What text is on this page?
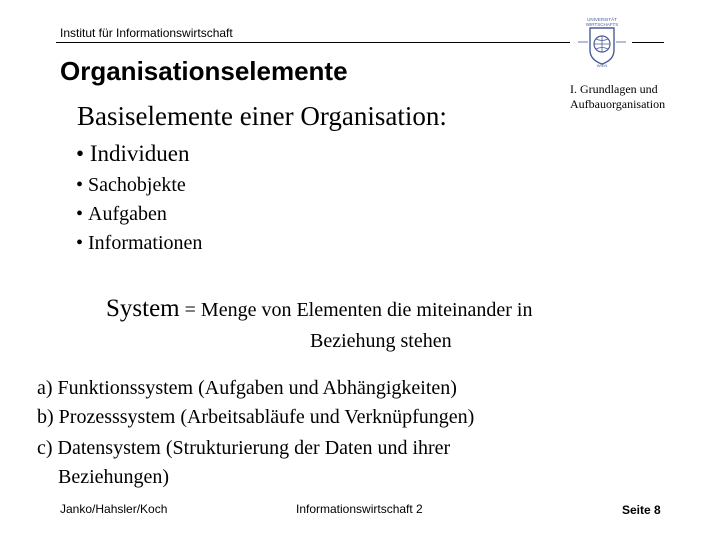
Institut für Informationswirtschaft
UNIVERSITÄT
WIRTSCHAFTS
WIEN
Organisationselemente
I. Grundlagen und
Aufbauorganisation
Basiselemente einer Organisation:
• Individuen
• Sachobjekte
• Aufgaben
• Informationen
System = Menge von Elementen die miteinander in
Beziehung stehen
a) Funktionssystem (Aufgaben und Abhängigkeiten)
b) Prozesssystem (Arbeitsabläufe und Verknüpfungen)
c) Datensystem (Strukturierung der Daten und ihrer
Beziehungen)
Janko/Hahsler/Koch	Informationswirtschaft 2	Seite 8
